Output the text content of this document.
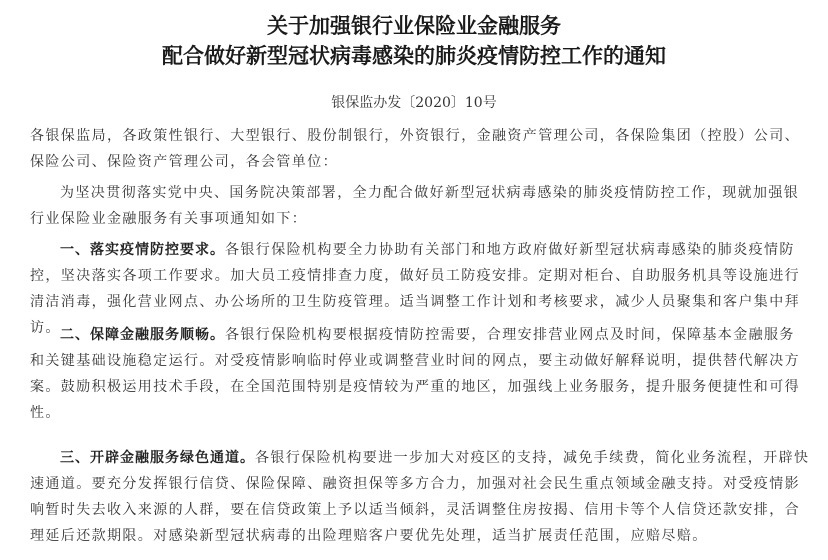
关于加强银行业保险业金融服务
配合做好新型冠状病毒感染的肺炎疫情防控工作的通知
银保监办发〔2020〕10号
各银保监局，各政策性银行、大型银行、股份制银行，外资银行，金融资产管理公司，各保险集团（控股）公司、保险公司、保险资产管理公司，各会管单位：
为坚决贯彻落实党中央、国务院决策部署，全力配合做好新型冠状病毒感染的肺炎疫情防控工作，现就加强银行业保险业金融服务有关事项通知如下：
一、落实疫情防控要求。各银行保险机构要全力协助有关部门和地方政府做好新型冠状病毒感染的肺炎疫情防控，坚决落实各项工作要求。加大员工疫情排查力度，做好员工防疫安排。定期对柜台、自助服务机具等设施进行清洁消毒，强化营业网点、办公场所的卫生防疫管理。适当调整工作计划和考核要求，减少人员聚集和客户集中拜访。 二、保障金融服务顺畅。各银行保险机构要根据疫情防控需要，合理安排营业网点及时间，保障基本金融服务和关键基础设施稳定运行。对受疫情影响临时停业或调整营业时间的网点，要主动做好解释说明，提供替代解决方案。鼓励积极运用技术手段，在全国范围特别是疫情较为严重的地区，加强线上业务服务，提升服务便捷性和可得性。
三、开辟金融服务绿色通道。各银行保险机构要进一步加大对疫区的支持，减免手续费，简化业务流程，开辟快速通道。要充分发挥银行信贷、保险保障、融资担保等多方合力，加强对社会民生重点领域金融支持。对受疫情影响暂时失去收入来源的人群，要在信贷政策上予以适当倾斜，灵活调整住房按揭、信用卡等个人信贷还款安排，合理延后还款期限。对感染新型冠状病毒的出险理赔客户要优先处理，适当扩展责任范围，应赔尽赔。
